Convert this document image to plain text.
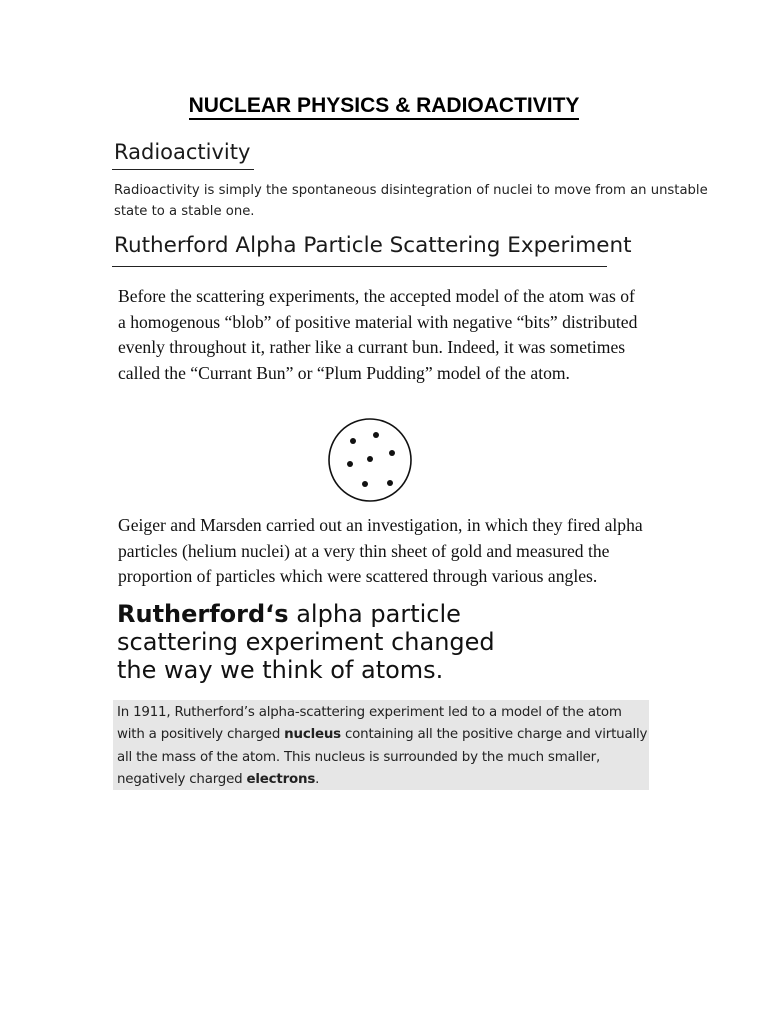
NUCLEAR PHYSICS & RADIOACTIVITY
Radioactivity
Radioactivity is simply the spontaneous disintegration of nuclei to move from an unstable
state to a stable one.
Rutherford Alpha Particle Scattering Experiment
Before the scattering experiments, the accepted model of the atom was of
a homogenous “blob” of positive material with negative “bits” distributed
evenly throughout it, rather like a currant bun. Indeed, it was sometimes
called the “Currant Bun” or “Plum Pudding” model of the atom.
Geiger and Marsden carried out an investigation, in which they fired alpha
particles (helium nuclei) at a very thin sheet of gold and measured the
proportion of particles which were scattered through various angles.
Rutherford‘s alpha particle
scattering experiment changed
the way we think of atoms.
In 1911, Rutherford’s alpha-scattering experiment led to a model of the atom
with a positively charged nucleus containing all the positive charge and virtually
all the mass of the atom. This nucleus is surrounded by the much smaller,
negatively charged electrons.
